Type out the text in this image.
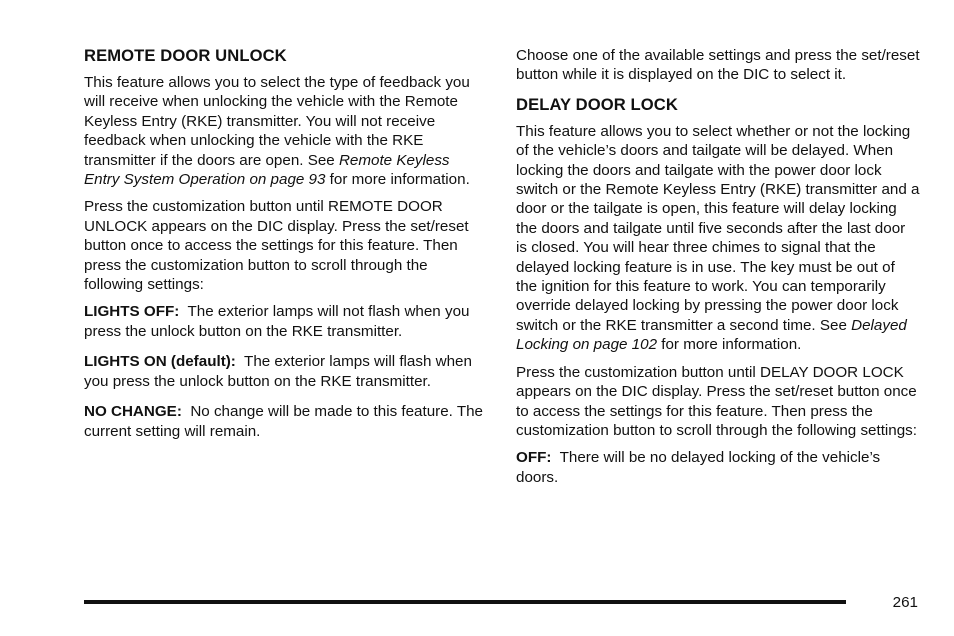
REMOTE DOOR UNLOCK

This feature allows you to select the type of feedback you will receive when unlocking the vehicle with the Remote Keyless Entry (RKE) transmitter. You will not receive feedback when unlocking the vehicle with the RKE transmitter if the doors are open. See Remote Keyless Entry System Operation on page 93 for more information.

Press the customization button until REMOTE DOOR UNLOCK appears on the DIC display. Press the set/reset button once to access the settings for this feature. Then press the customization button to scroll through the following settings:

LIGHTS OFF: The exterior lamps will not flash when you press the unlock button on the RKE transmitter.

LIGHTS ON (default): The exterior lamps will flash when you press the unlock button on the RKE transmitter.

NO CHANGE: No change will be made to this feature. The current setting will remain.

Choose one of the available settings and press the set/reset button while it is displayed on the DIC to select it.

DELAY DOOR LOCK

This feature allows you to select whether or not the locking of the vehicle’s doors and tailgate will be delayed. When locking the doors and tailgate with the power door lock switch or the Remote Keyless Entry (RKE) transmitter and a door or the tailgate is open, this feature will delay locking the doors and tailgate until five seconds after the last door is closed. You will hear three chimes to signal that the delayed locking feature is in use. The key must be out of the ignition for this feature to work. You can temporarily override delayed locking by pressing the power door lock switch or the RKE transmitter a second time. See Delayed Locking on page 102 for more information.

Press the customization button until DELAY DOOR LOCK appears on the DIC display. Press the set/reset button once to access the settings for this feature. Then press the customization button to scroll through the following settings:

OFF: There will be no delayed locking of the vehicle’s doors.

261
